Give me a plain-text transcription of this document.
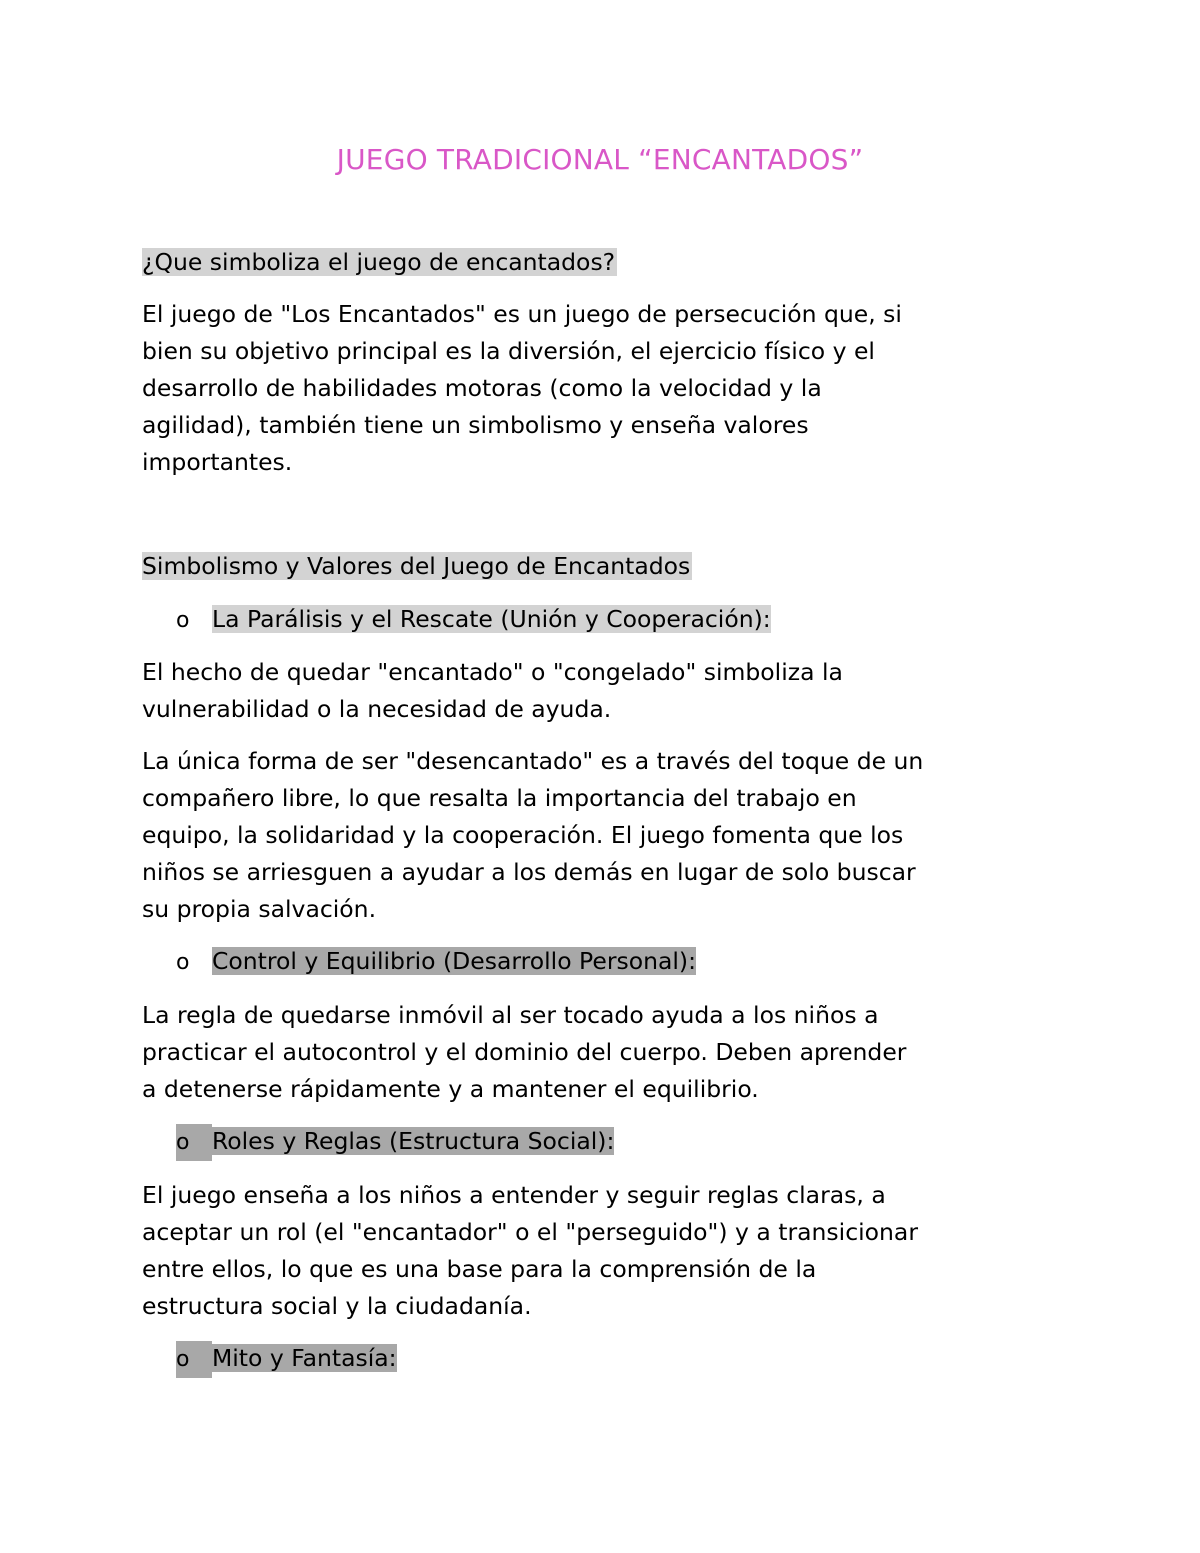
JUEGO TRADICIONAL “ENCANTADOS”
¿Que simboliza el juego de encantados?

El juego de "Los Encantados" es un juego de persecución que, si

bien su objetivo principal es la diversión, el ejercicio físico y el

desarrollo de habilidades motoras (como la velocidad y la

agilidad), también tiene un simbolismo y enseña valores

importantes.

Simbolismo y Valores del Juego de Encantados
o La Parálisis y el Rescate (Unión y Cooperación):

El hecho de quedar "encantado" o "congelado" simboliza la

vulnerabilidad o la necesidad de ayuda.

La única forma de ser "desencantado" es a través del toque de un

compañero libre, lo que resalta la importancia del trabajo en

equipo, la solidaridad y la cooperación. El juego fomenta que los

niños se arriesguen a ayudar a los demás en lugar de solo buscar

su propia salvación.

o Control y Equilibrio (Desarrollo Personal):

La regla de quedarse inmóvil al ser tocado ayuda a los niños a

practicar el autocontrol y el dominio del cuerpo. Deben aprender

a detenerse rápidamente y a mantener el equilibrio.

o Roles y Reglas (Estructura Social):

El juego enseña a los niños a entender y seguir reglas claras, a

aceptar un rol (el "encantador" o el "perseguido") y a transicionar

entre ellos, lo que es una base para la comprensión de la

estructura social y la ciudadanía.

o Mito y Fantasía:
